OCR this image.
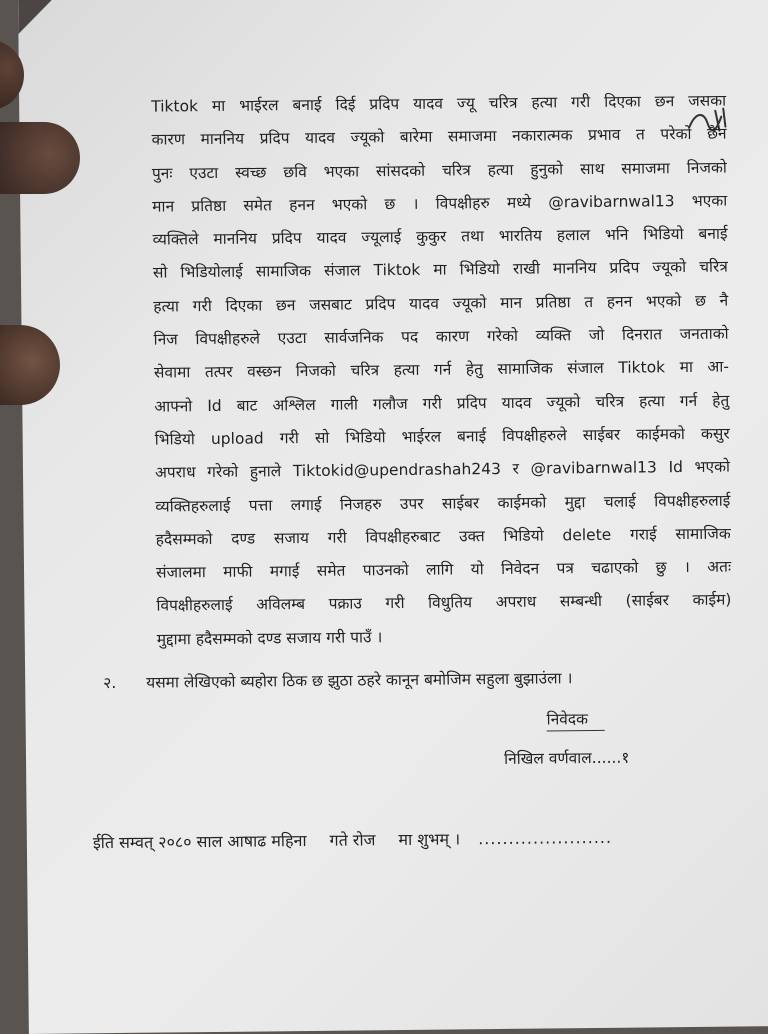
Tiktok मा भाईरल बनाई दिई प्रदिप यादव ज्यू चरित्र हत्या गरी दिएका छन जसका
कारण माननिय प्रदिप यादव ज्यूको बारेमा समाजमा नकारात्मक प्रभाव त परेको छैन
पुनः एउटा स्वच्छ छवि भएका सांसदको चरित्र हत्या हुनुको साथ समाजमा निजको
मान प्रतिष्ठा समेत हनन भएको छ । विपक्षीहरु मध्ये @ravibarnwal13 भएका
व्यक्तिले माननिय प्रदिप यादव ज्यूलाई कुकुर तथा भारतिय हलाल भनि भिडियो बनाई
सो भिडियोलाई सामाजिक संजाल Tiktok मा भिडियो राखी माननिय प्रदिप ज्यूको चरित्र
हत्या गरी दिएका छन जसबाट प्रदिप यादव ज्यूको मान प्रतिष्ठा त हनन भएको छ नै
निज विपक्षीहरुले एउटा सार्वजनिक पद कारण गरेको व्यक्ति जो दिनरात जनताको
सेवामा तत्पर वस्छन निजको चरित्र हत्या गर्न हेतु सामाजिक संजाल Tiktok मा आ-
आफ्नो Id बाट अश्लिल गाली गलौज गरी प्रदिप यादव ज्यूको चरित्र हत्या गर्न हेतु
भिडियो upload गरी सो भिडियो भाईरल बनाई विपक्षीहरुले साईबर काईमको कसुर
अपराध गरेको हुनाले Tiktokid@upendrashah243 र @ravibarnwal13 Id भएको
व्यक्तिहरुलाई पत्ता लगाई निजहरु उपर साईबर काईमको मुद्दा चलाई विपक्षीहरुलाई
हदैसम्मको दण्ड सजाय गरी विपक्षीहरुबाट उक्त भिडियो delete गराई सामाजिक
संजालमा माफी मगाई समेत पाउनको लागि यो निवेदन पत्र चढाएको छु । अतः
विपक्षीहरुलाई अविलम्ब पक्राउ गरी विधुतिय अपराध सम्बन्धी (साईबर काईम)
मुद्दामा हदैसम्मको दण्ड सजाय गरी पाउँ ।
२. यसमा लेखिएको ब्यहोरा ठिक छ झुठा ठहरे कानून बमोजिम सहुला बुझाउंला ।
निवेदक
निखिल वर्णवाल......१
ईति सम्वत् २०८० साल आषाढ महिना गते रोज मा शुभम् । ......................
